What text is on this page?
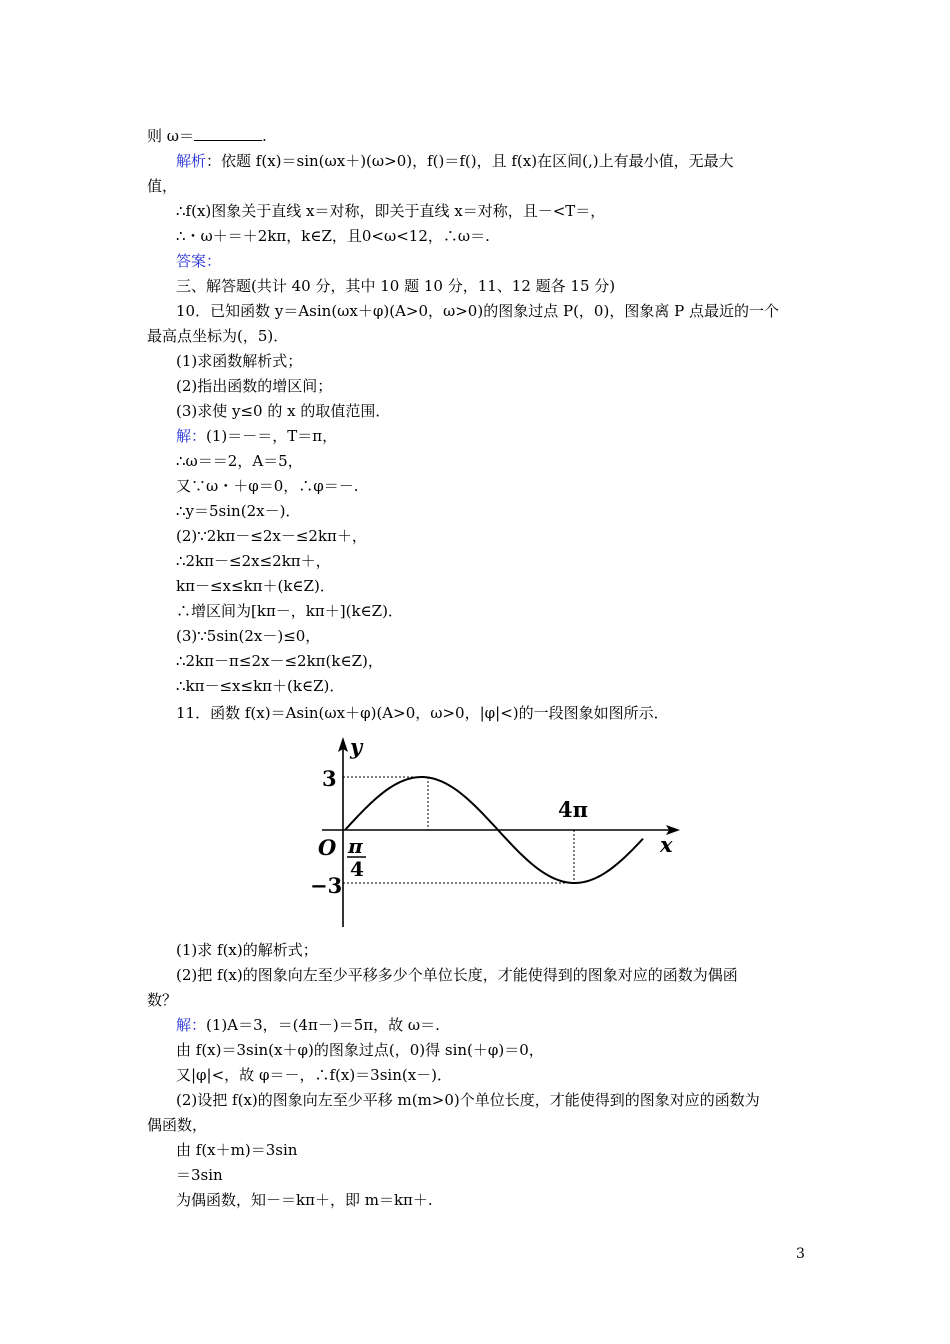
则 ω＝	.
解析：依题 f(x)＝sin(ωx＋)(ω>0)，f()＝f()，且 f(x)在区间(,)上有最小值，无最大
值，
∴f(x)图象关于直线 x＝对称，即关于直线 x＝对称，且－<T＝，
∴・ω＋＝＋2kπ，k∈Z，且0<ω<12，∴ω＝.
答案：
三、解答题(共计 40 分，其中 10 题 10 分，11、12 题各 15 分)
10．已知函数 y＝Asin(ωx＋φ)(A>0，ω>0)的图象过点 P(，0)，图象离 P 点最近的一个
最高点坐标为(，5)．
(1)求函数解析式；
(2)指出函数的增区间；
(3)求使 y≤0 的 x 的取值范围．
解：(1)＝－＝，T＝π，
∴ω＝＝2，A＝5，
又∵ω・＋φ＝0，∴φ＝－.
∴y＝5sin(2x－)．
(2)∵2kπ－≤2x－≤2kπ＋，
∴2kπ－≤2x≤2kπ＋，
kπ－≤x≤kπ＋(k∈Z)．
∴增区间为[kπ－，kπ＋](k∈Z)．
(3)∵5sin(2x－)≤0，
∴2kπ－π≤2x－≤2kπ(k∈Z)，
∴kπ－≤x≤kπ＋(k∈Z)．
11．函数 f(x)＝Asin(ωx＋φ)(A>0，ω>0，|φ|<)的一段图象如图所示．
y
x
O
3
−3
4π
π
4
(1)求 f(x)的解析式；
(2)把 f(x)的图象向左至少平移多少个单位长度，才能使得到的图象对应的函数为偶函
数？
解：(1)A＝3，＝(4π－)＝5π，故 ω＝.
由 f(x)＝3sin(x＋φ)的图象过点(，0)得 sin(＋φ)＝0，
又|φ|<，故 φ＝－，∴f(x)＝3sin(x－)．
(2)设把 f(x)的图象向左至少平移 m(m>0)个单位长度，才能使得到的图象对应的函数为
偶函数，
由 f(x＋m)＝3sin
＝3sin
为偶函数，知－＝kπ＋，即 m＝kπ＋.
3
